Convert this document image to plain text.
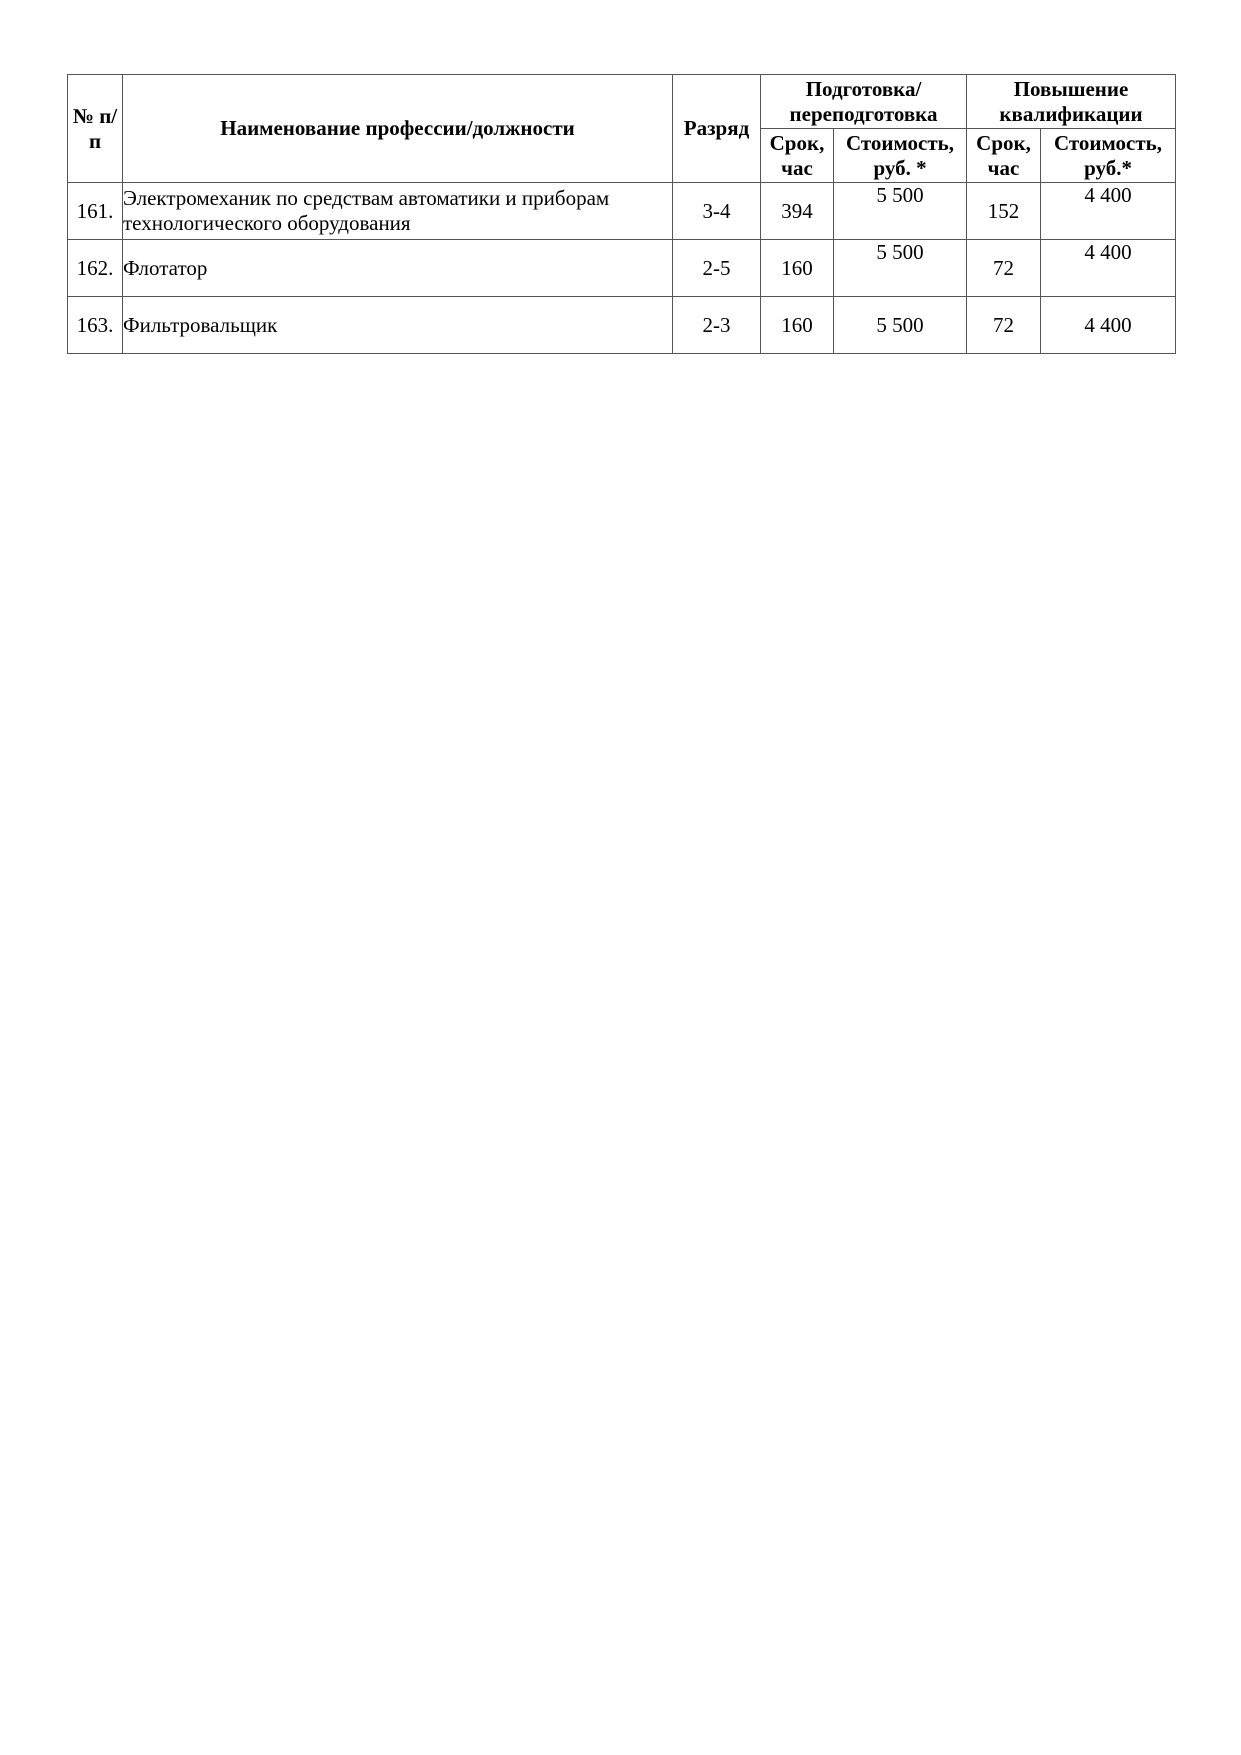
№ п/п	Наименование профессии/должности	Разряд	Подготовка/ переподготовка		Повышение квалификации	
			Срок, час	Стоимость, руб. *	Срок, час	Стоимость, руб.*
161.	Электромеханик по средствам автоматики и приборам технологического оборудования	3-4	394	5 500	152	4 400
162.	Флотатор	2-5	160	5 500	72	4 400
163.	Фильтровальщик	2-3	160	5 500	72	4 400
